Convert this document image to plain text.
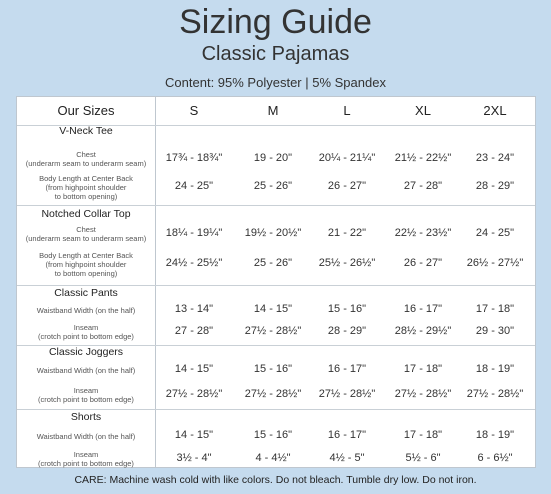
Sizing Guide
Classic Pajamas
Content: 95% Polyester | 5% Spandex
Our Sizes	S	M	L	XL	2XL
V-Neck Tee
Chest
(underarm seam to underarm seam)	17¾ - 18¾"	19 - 20"	20¼ - 21¼"	21½ - 22½"	23 - 24"
Body Length at Center Back
(from highpoint shoulder
to bottom opening)
24 - 25"	25 - 26"	26 - 27"	27 - 28"	28 - 29"
Notched Collar Top
Chest
(underarm seam to underarm seam)	18¼ - 19¼"	19½ - 20½"	21 - 22"	22½ - 23½"	24 - 25"
Body Length at Center Back
(from highpoint shoulder
to bottom opening)
24½ - 25½"	25 - 26"	25½ - 26½"	26 - 27"	26½ - 27½"
Classic Pants
Waistband Width (on the half)	13 - 14"	14 - 15"	15 - 16"	16 - 17"	17 - 18"
Inseam
(crotch point to bottom edge)	27 - 28"	27½ - 28½"	28 - 29"	28½ - 29½"	29 - 30"
Classic Joggers
Waistband Width (on the half)	14 - 15"	15 - 16"	16 - 17"	17 - 18"	18 - 19"
Inseam
(crotch point to bottom edge)	27½ - 28½"	27½ - 28½"	27½ - 28½"	27½ - 28½"	27½ - 28½"
Shorts
Waistband Width (on the half)	14 - 15"	15 - 16"	16 - 17"	17 - 18"	18 - 19"
Inseam
(crotch point to bottom edge)	3½ - 4"	4 - 4½"	4½ - 5"	5½ - 6"	6 - 6½"
CARE: Machine wash cold with like colors. Do not bleach. Tumble dry low. Do not iron.
